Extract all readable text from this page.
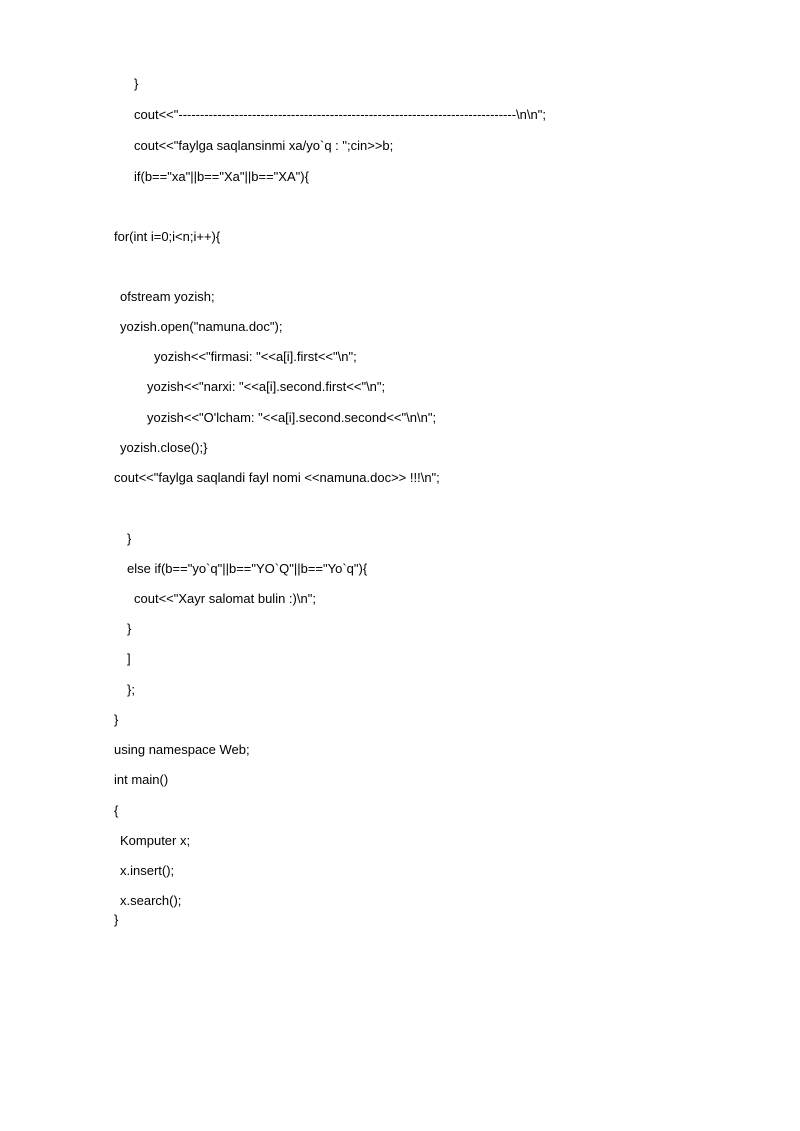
}
cout<<"------------------------------------------------------------------------------\n\n";
cout<<"faylga saqlansinmi xa/yo`q : ";cin>>b;
if(b=="xa"||b=="Xa"||b=="XA"){
for(int i=0;i<n;i++){
ofstream yozish;
yozish.open("namuna.doc");
yozish<<"firmasi: "<<a[i].first<<"\n";
yozish<<"narxi: "<<a[i].second.first<<"\n";
yozish<<"O'lcham: "<<a[i].second.second<<"\n\n";
yozish.close();}
cout<<"faylga saqlandi fayl nomi <<namuna.doc>> !!!\n";
}
else if(b=="yo`q"||b=="YO`Q"||b=="Yo`q"){
cout<<"Xayr salomat bulin :)\n";
}
]
};
}
using namespace Web;
int main()
{
Komputer x;
x.insert();
x.search();
}
